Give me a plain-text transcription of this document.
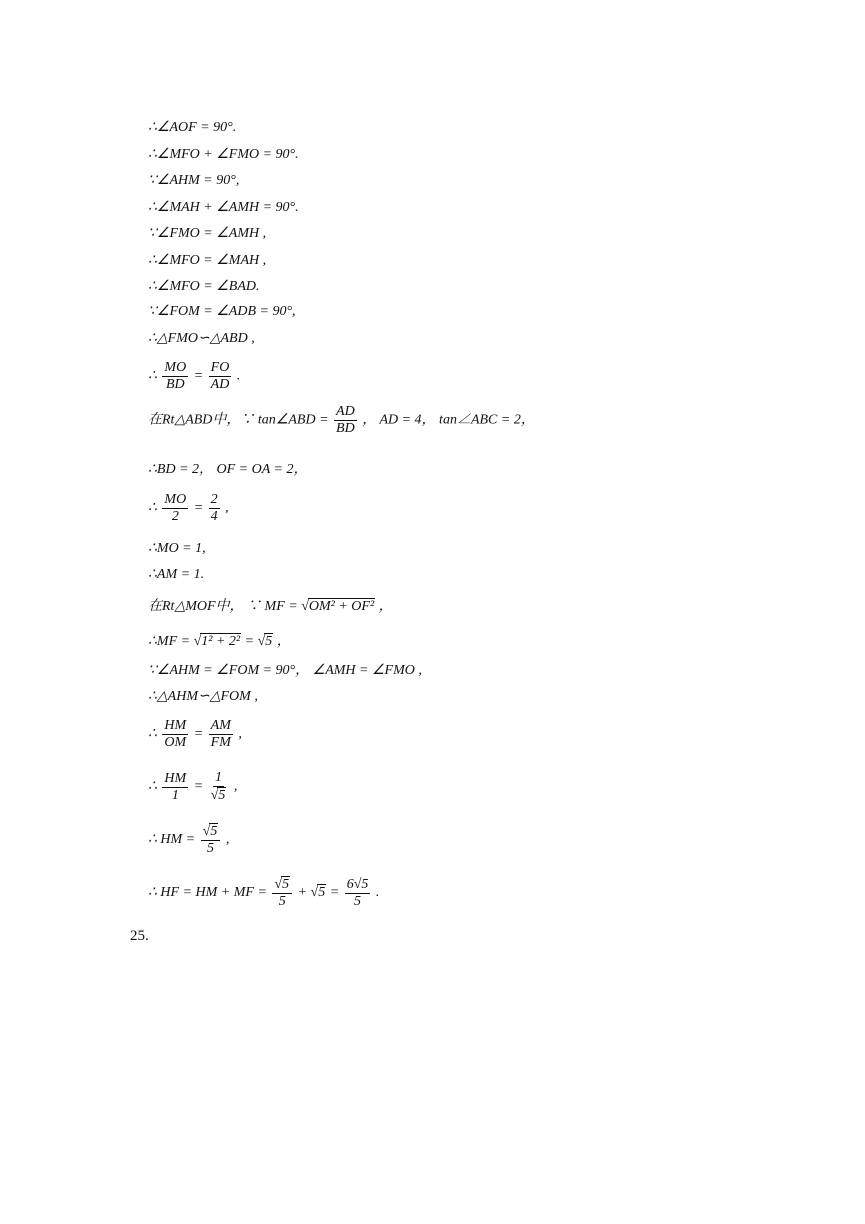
∴∠AOF = 90°.
∴∠MFO + ∠FMO = 90°.
∵∠AHM = 90°,
∴∠MAH + ∠AMH = 90°.
∵∠FMO = ∠AMH ,
∴∠MFO = ∠MAH ,
∴∠MFO = ∠BAD.
∵∠FOM = ∠ADB = 90°,
∴△FMO∽△ABD ,
∴ $\frac{MO}{BD} = \frac{FO}{AD}$ .
在Rt△ABD中，∵ tan∠ABD = $\frac{AD}{BD}$ ， AD = 4， tan∠ABC = 2，
∴BD = 2， OF = OA = 2，
∴ $\frac{MO}{2} = \frac{2}{4}$ ,
∴MO = 1,
∴AM = 1.
在Rt△MOF中， ∵ MF = √OM² + OF² ，
∴MF = √1² + 2² = √5 ，
∵∠AHM = ∠FOM = 90°， ∠AMH = ∠FMO ,
∴△AHM∽△FOM ,
∴ $\frac{HM}{OM} = \frac{AM}{FM}$ ,
∴ $\frac{HM}{1} = \frac{1}{√5}$ ,
∴ HM = $\frac{√5}{5}$ ,
∴ HF = HM + MF = $\frac{√5}{5} + √5 = \frac{6√5}{5}$ .
25.
